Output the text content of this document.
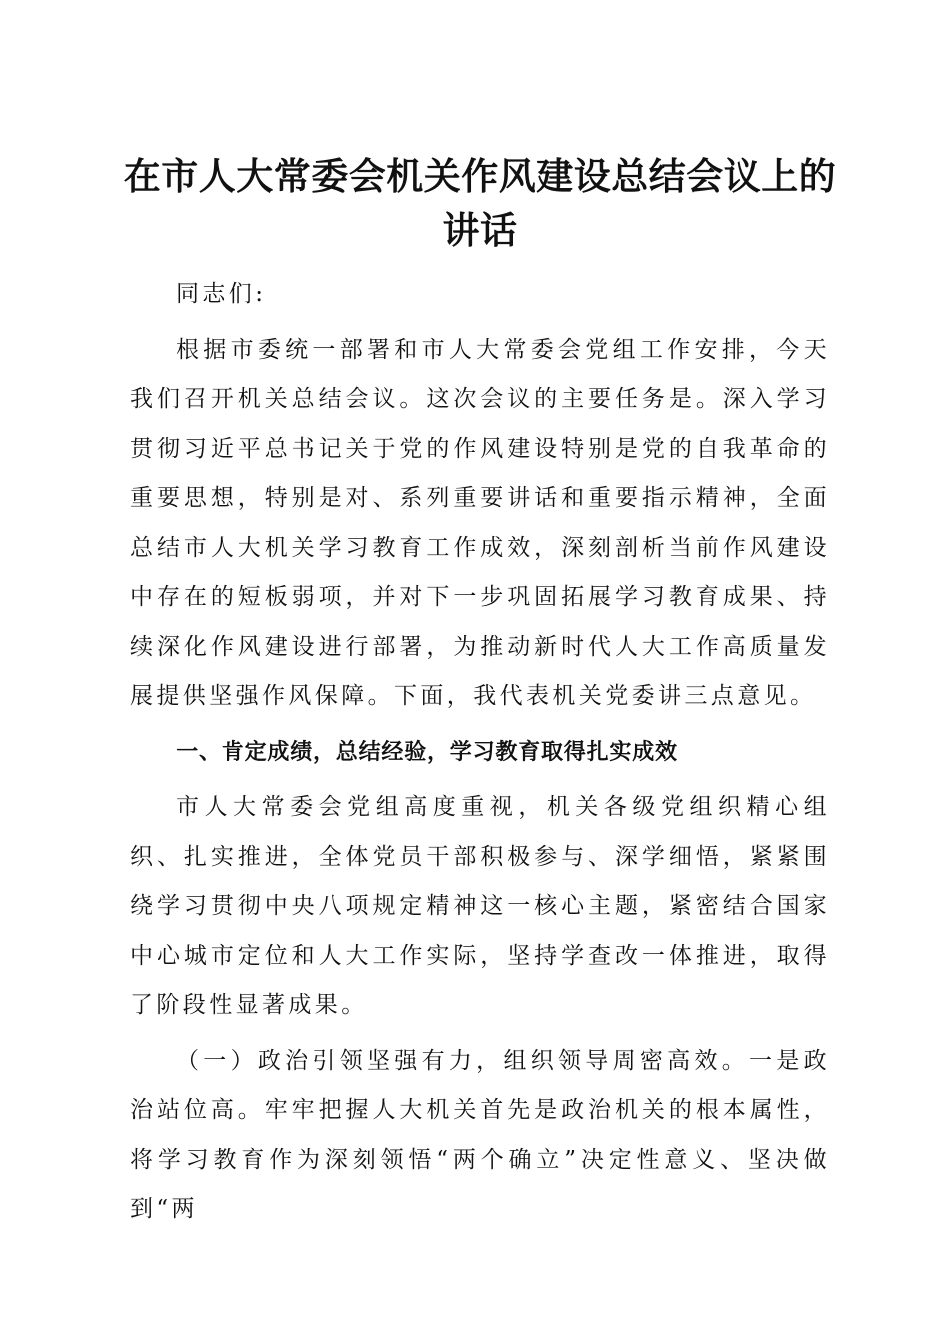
在市人大常委会机关作风建设总结会议上的讲话

同志们:

根据市委统一部署和市人大常委会党组工作安排，今天我们召开机关总结会议。这次会议的主要任务是。深入学习贯彻习近平总书记关于党的作风建设特别是党的自我革命的重要思想，特别是对、系列重要讲话和重要指示精神，全面总结市人大机关学习教育工作成效，深刻剖析当前作风建设中存在的短板弱项，并对下一步巩固拓展学习教育成果、持续深化作风建设进行部署，为推动新时代人大工作高质量发展提供坚强作风保障。下面，我代表机关党委讲三点意见。

一、肯定成绩，总结经验，学习教育取得扎实成效

市人大常委会党组高度重视，机关各级党组织精心组织、扎实推进，全体党员干部积极参与、深学细悟，紧紧围绕学习贯彻中央八项规定精神这一核心主题，紧密结合国家中心城市定位和人大工作实际，坚持学查改一体推进，取得了阶段性显著成果。

（一）政治引领坚强有力，组织领导周密高效。一是政治站位高。牢牢把握人大机关首先是政治机关的根本属性，将学习教育作为深刻领悟“两个确立”决定性意义、坚决做到“两
